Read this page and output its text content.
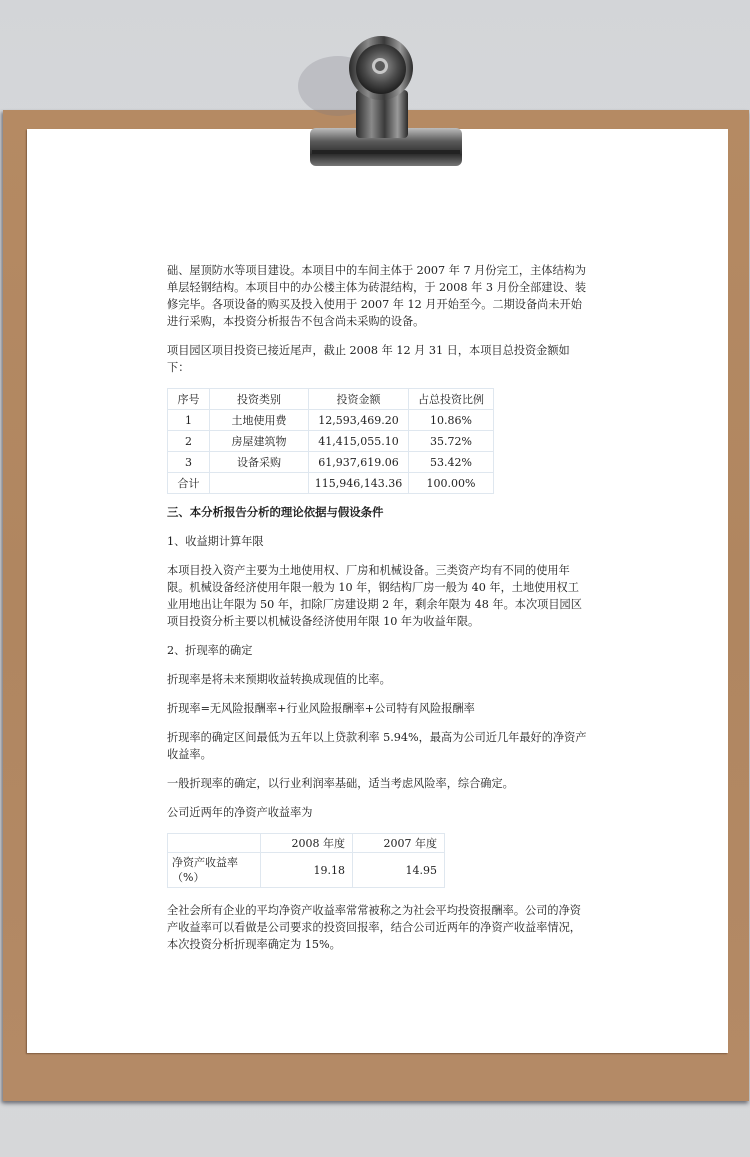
础、屋顶防水等项目建设。本项目中的车间主体于 2007 年 7 月份完工，主体结构为单层轻钢结构。本项目中的办公楼主体为砖混结构，于 2008 年 3 月份全部建设、装修完毕。各项设备的购买及投入使用于 2007 年 12 月开始至今。二期设备尚未开始进行采购，本投资分析报告不包含尚未采购的设备。

项目园区项目投资已接近尾声，截止 2008 年 12 月 31 日，本项目总投资金额如下：

序号	投资类别	投资金额	占总投资比例
1	土地使用费	12,593,469.20	10.86%
2	房屋建筑物	41,415,055.10	35.72%
3	设备采购	61,937,619.06	53.42%
合计		115,946,143.36	100.00%
三、本分析报告分析的理论依据与假设条件

1、收益期计算年限

本项目投入资产主要为土地使用权、厂房和机械设备。三类资产均有不同的使用年限。机械设备经济使用年限一般为 10 年，钢结构厂房一般为 40 年，土地使用权工业用地出让年限为 50 年，扣除厂房建设期 2 年，剩余年限为 48 年。本次项目园区项目投资分析主要以机械设备经济使用年限 10 年为收益年限。

2、折现率的确定

折现率是将未来预期收益转换成现值的比率。

折现率=无风险报酬率+行业风险报酬率+公司特有风险报酬率

折现率的确定区间最低为五年以上贷款利率 5.94%，最高为公司近几年最好的净资产收益率。

一般折现率的确定，以行业利润率基础，适当考虑风险率，综合确定。

公司近两年的净资产收益率为

	2008 年度	2007 年度
净资产收益率（%）	19.18	14.95

全社会所有企业的平均净资产收益率常常被称之为社会平均投资报酬率。公司的净资产收益率可以看做是公司要求的投资回报率，结合公司近两年的净资产收益率情况，本次投资分析折现率确定为 15%。
